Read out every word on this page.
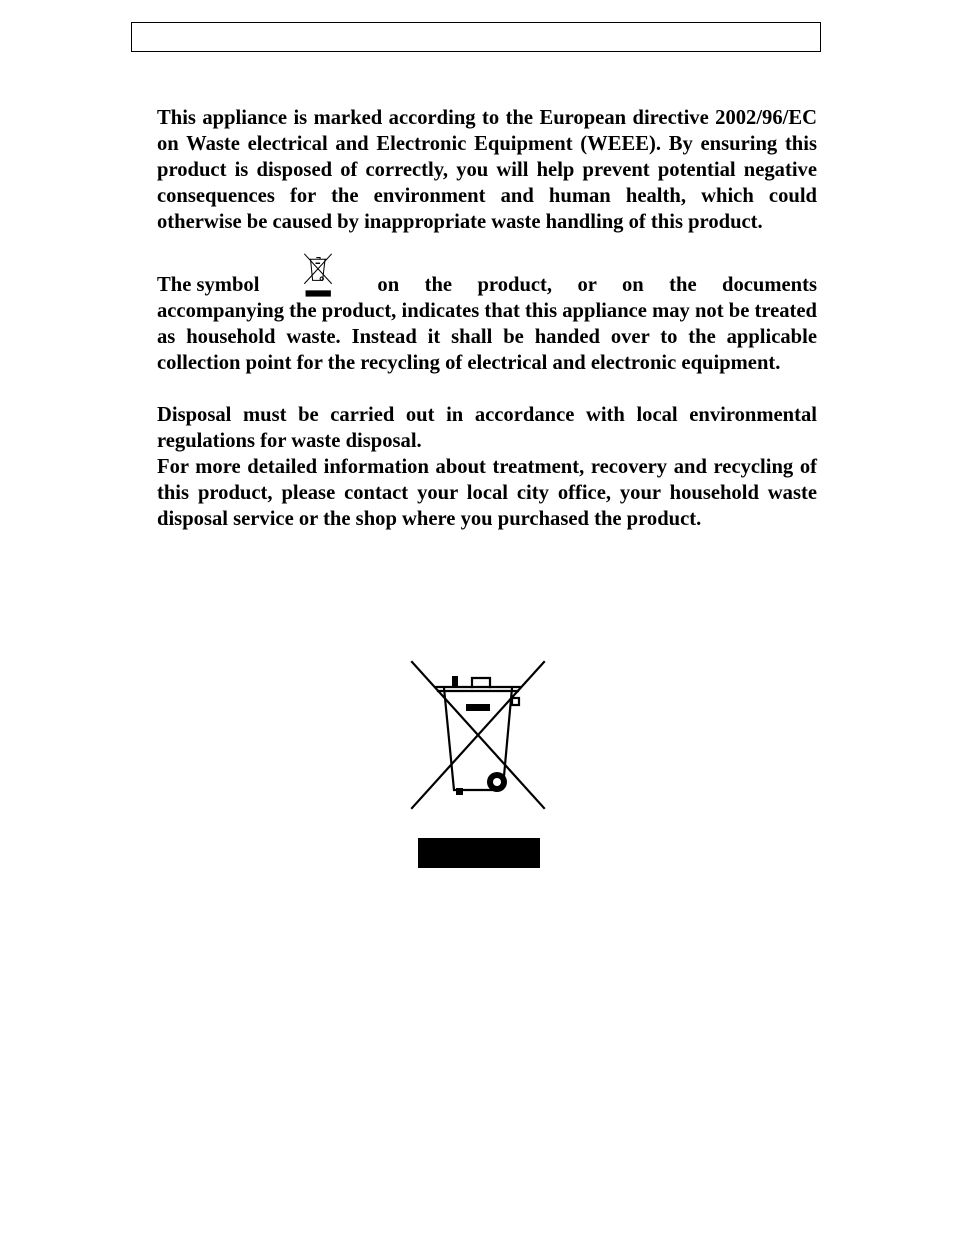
This appliance is marked according to the European directive 2002/96/EC on Waste electrical and Electronic Equipment (WEEE). By ensuring this product is disposed of correctly, you will help prevent potential negative consequences for the environment and human health, which could otherwise be caused by inappropriate waste handling of this product.

The symbol	on the product, or on the documents
accompanying the product, indicates that this appliance may not be treated as household waste. Instead it shall be handed over to the applicable collection point for the recycling of electrical and electronic equipment.

Disposal must be carried out in accordance with local environmental regulations for waste disposal.

For more detailed information about treatment, recovery and recycling of this product, please contact your local city office, your household waste disposal service or the shop where you purchased the product.
